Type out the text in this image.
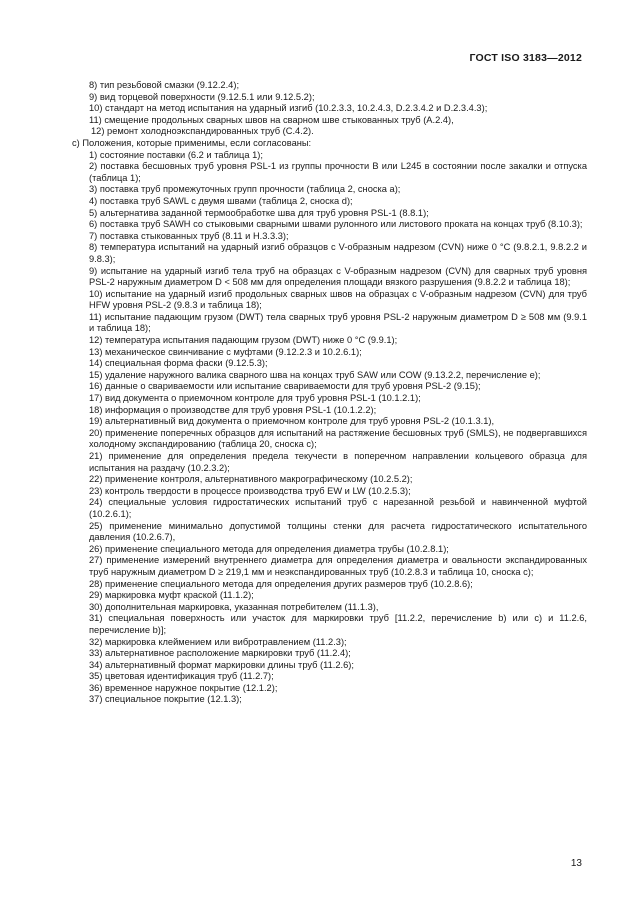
ГОСТ ISO 3183—2012
8) тип резьбовой смазки (9.12.2.4);
9) вид торцевой поверхности (9.12.5.1 или 9.12.5.2);
10) стандарт на метод испытания на ударный изгиб (10.2.3.3, 10.2.4.3, D.2.3.4.2 и D.2.3.4.3);
11) смещение продольных сварных швов на сварном шве стыкованных труб (А.2.4),
12) ремонт холодноэкспандированных труб (С.4.2).
c) Положения, которые применимы, если согласованы:
1) состояние поставки (6.2 и таблица 1);
2) поставка бесшовных труб уровня PSL-1 из группы прочности В или L245 в состоянии после закалки и отпуска (таблица 1);
3) поставка труб промежуточных групп прочности (таблица 2, сноска а);
4) поставка труб SAWL с двумя швами (таблица 2, сноска d);
5) альтернатива заданной термообработке шва для труб уровня PSL-1 (8.8.1);
6) поставка труб SAWH со стыковыми сварными швами рулонного или листового проката на концах труб (8.10.3);
7) поставка стыкованных труб (8.11 и Н.3.3.3);
8) температура испытаний на ударный изгиб образцов с V-образным надрезом (CVN) ниже 0 °C (9.8.2.1, 9.8.2.2 и 9.8.3);
9) испытание на ударный изгиб тела труб на образцах с V-образным надрезом (CVN) для сварных труб уровня PSL-2 наружным диаметром D < 508 мм для определения площади вязкого разрушения (9.8.2.2 и таблица 18);
10) испытание на ударный изгиб продольных сварных швов на образцах с V-образным надрезом (CVN) для труб HFW уровня PSL-2 (9.8.3 и таблица 18);
11) испытание падающим грузом (DWT) тела сварных труб уровня PSL-2 наружным диаметром D ≥ 508 мм (9.9.1 и таблица 18);
12) температура испытания падающим грузом (DWT) ниже 0 °C (9.9.1);
13) механическое свинчивание с муфтами (9.12.2.3 и 10.2.6.1);
14) специальная форма фаски (9.12.5.3);
15) удаление наружного валика сварного шва на концах труб SAW или COW (9.13.2.2, перечисление е);
16) данные о свариваемости или испытание свариваемости для труб уровня PSL-2 (9.15);
17) вид документа о приемочном контроле для труб уровня PSL-1 (10.1.2.1);
18) информация о производстве для труб уровня PSL-1 (10.1.2.2);
19) альтернативный вид документа о приемочном контроле для труб уровня PSL-2 (10.1.3.1),
20) применение поперечных образцов для испытаний на растяжение бесшовных труб (SMLS), не подвергавшихся холодному экспандированию (таблица 20, сноска с);
21) применение для определения предела текучести в поперечном направлении кольцевого образца для испытания на раздачу (10.2.3.2);
22) применение контроля, альтернативного макрографическому (10.2.5.2);
23) контроль твердости в процессе производства труб EW и LW (10.2.5.3);
24) специальные условия гидростатических испытаний труб с нарезанной резьбой и навинченной муфтой (10.2.6.1);
25) применение минимально допустимой толщины стенки для расчета гидростатического испытательного давления (10.2.6.7),
26) применение специального метода для определения диаметра трубы (10.2.8.1);
27) применение измерений внутреннего диаметра для определения диаметра и овальности экспандированных труб наружным диаметром D ≥ 219,1 мм и неэкспандированных труб (10.2.8.3 и таблица 10, сноска с);
28) применение специального метода для определения других размеров труб (10.2.8.6);
29) маркировка муфт краской (11.1.2);
30) дополнительная маркировка, указанная потребителем (11.1.3),
31) специальная поверхность или участок для маркировки труб [11.2.2, перечисление b) или с) и 11.2.6, перечисление b)];
32) маркировка клеймением или вибротравлением (11.2.3);
33) альтернативное расположение маркировки труб (11.2.4);
34) альтернативный формат маркировки длины труб (11.2.6);
35) цветовая идентификация труб (11.2.7);
36) временное наружное покрытие (12.1.2);
37) специальное покрытие (12.1.3);
13
